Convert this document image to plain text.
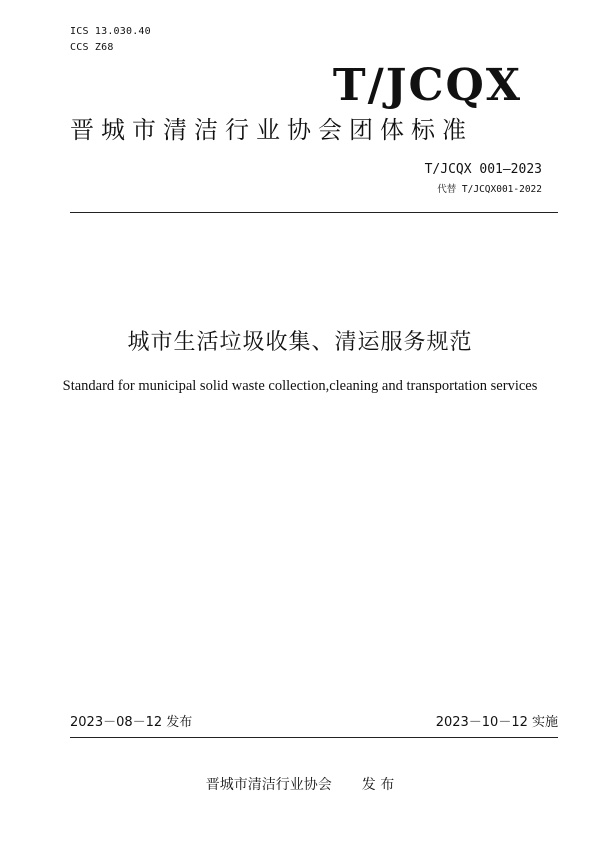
ICS 13.030.40
CCS Z68
T/JCQX
晋城市清洁行业协会团体标准
T/JCQX 001—2023
代替 T/JCQX001-2022
城市生活垃圾收集、清运服务规范
Standard for municipal solid waste collection,cleaning and transportation services
2023－08－12 发布	2023－10－12 实施
晋城市清洁行业协会 发 布
